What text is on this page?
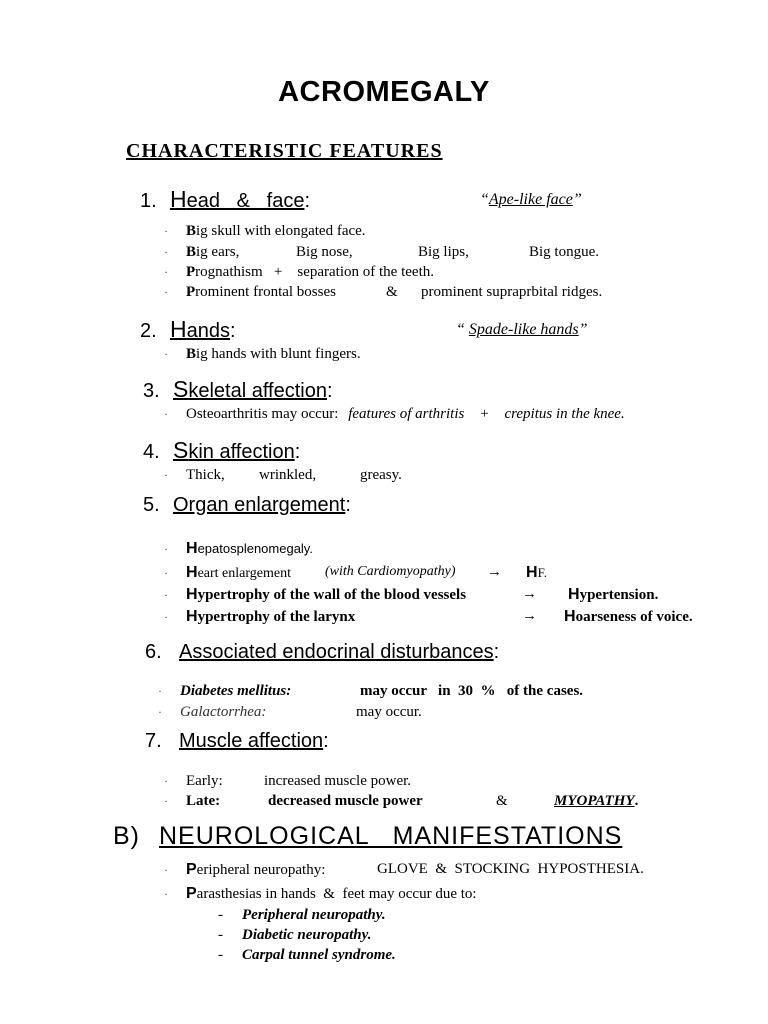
ACROMEGALY
CHARACTERISTIC FEATURES
1. Head   &   face:	“Ape-like face”
· Big skull with elongated face.
· Big ears,	Big nose,	Big lips,	Big tongue.
· Prognathism   +    separation of the teeth.
· Prominent frontal bosses	& prominent supraprbital ridges.
2. Hands:	“ Spade-like hands”
· Big hands with blunt fingers.
3. Skeletal affection:
· Osteoarthritis may occur: features of arthritis    +    crepitus in the knee.
4. Skin affection:
· Thick, wrinkled,	greasy.
5. Organ enlargement:
· Hepatosplenomegaly.
· Heart enlargement (with Cardiomyopathy) → HF.
· Hypertrophy of the wall of the blood vessels	→ Hypertension.
· Hypertrophy of the larynx	→ Hoarseness of voice.
6. Associated endocrinal disturbances:
· Diabetes mellitus:	may occur   in  30  %   of the cases.
· Galactorrhea:	may occur.
7. Muscle affection:
· Early:	increased muscle power.
· Late:	decreased muscle power	&	MYOPATHY.
B) NEUROLOGICAL   MANIFESTATIONS
· Peripheral neuropathy:	GLOVE  &  STOCKING  HYPOSTHESIA.
· Parasthesias in hands  &  feet may occur due to:
- Peripheral neuropathy.
- Diabetic neuropathy.
- Carpal tunnel syndrome.
